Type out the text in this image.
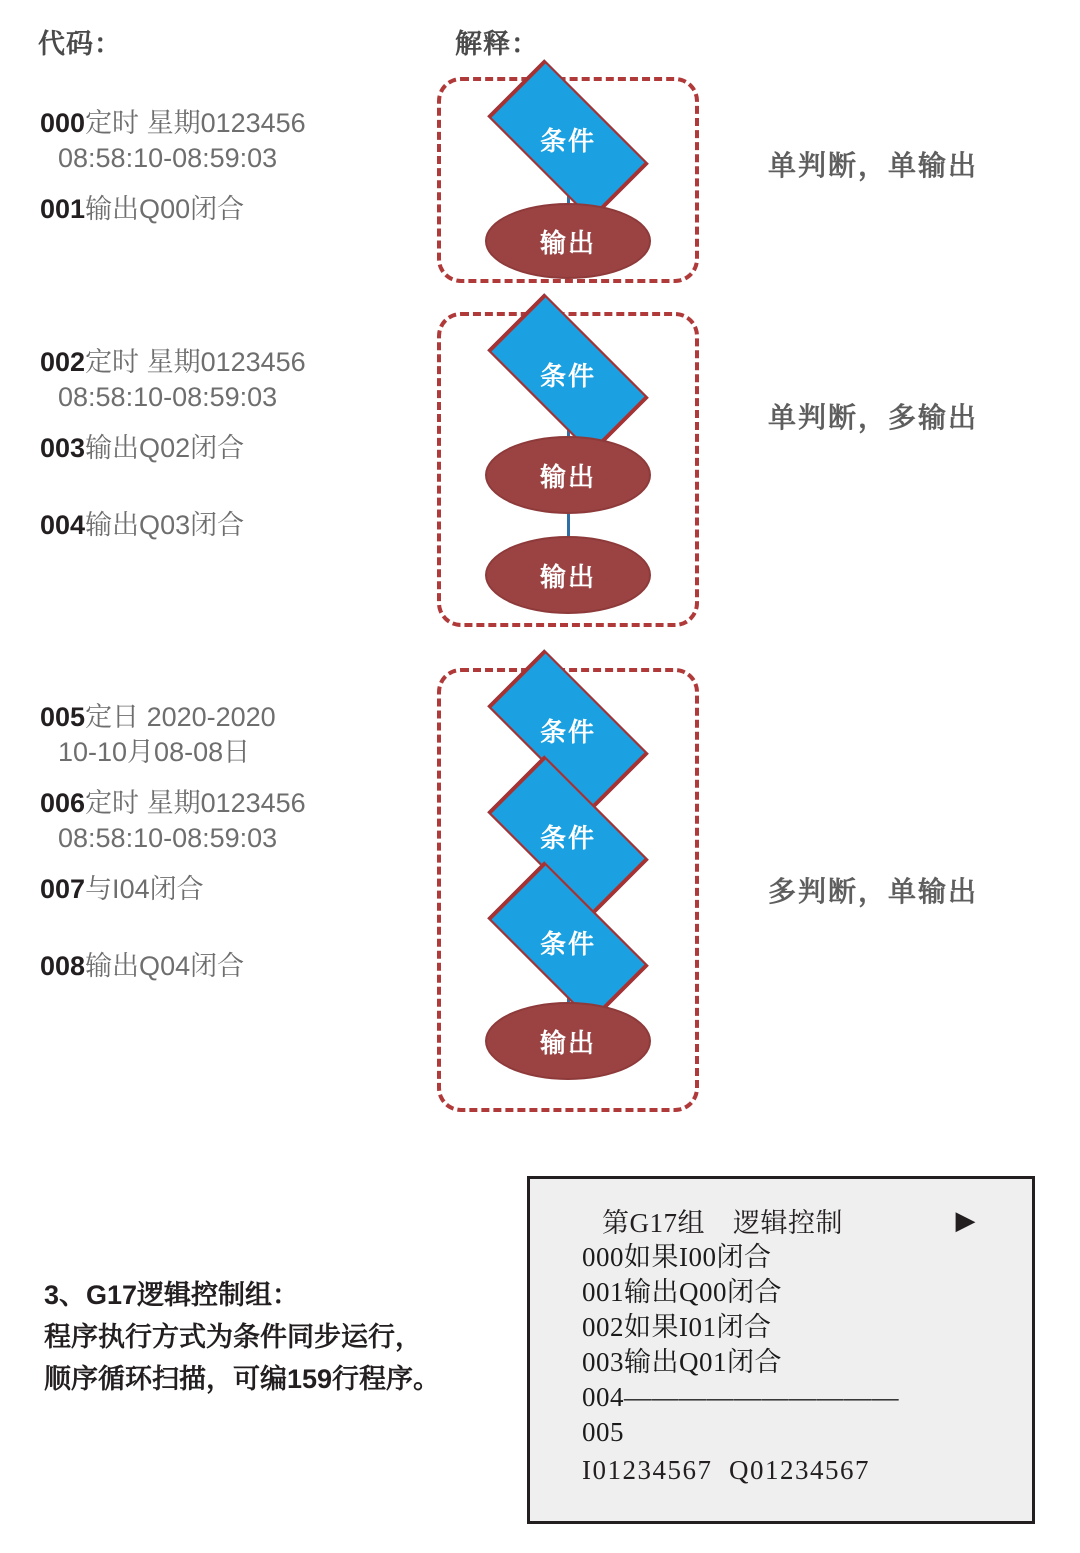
代码：	解释：
000定时 星期0123456
08:58:10-08:59:03
001输出Q00闭合
002定时 星期0123456
08:58:10-08:59:03
003输出Q02闭合
004输出Q03闭合
005定日 2020-2020
10-10月08-08日
006定时 星期0123456
08:58:10-08:59:03
007与I04闭合
008输出Q04闭合
条件
输出
条件
输出
输出
条件
条件
条件
输出
单判断，单输出
单判断，多输出
多判断，单输出
3、G17逻辑控制组：
程序执行方式为条件同步运行，
顺序循环扫描，可编159行程序。
第G17组 逻辑控制	▶
000如果I00闭合
001输出Q00闭合
002如果I01闭合
003输出Q01闭合
004——————————
005
I01234567  Q01234567
